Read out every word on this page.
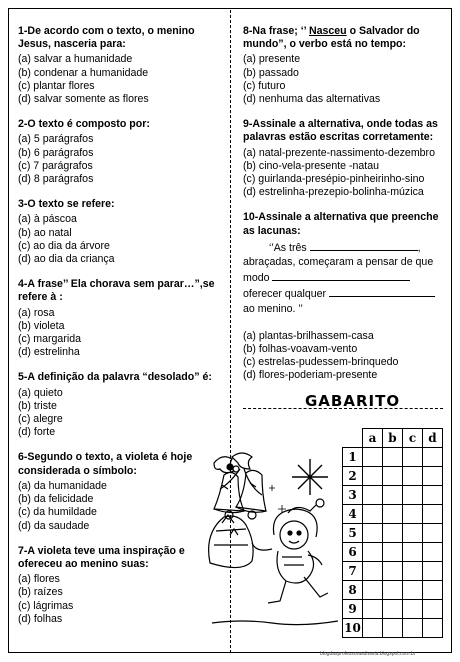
1-De acordo com o texto, o menino Jesus, nasceria para:
(a) salvar a humanidade
(b) condenar a humanidade
(c) plantar flores
(d) salvar somente as flores
2-O texto é composto por:
(a) 5 parágrafos
(b) 6 parágrafos
(c) 7 parágrafos
(d) 8 parágrafos
3-O texto se refere:
(a) à páscoa
(b) ao natal
(c) ao dia da árvore
(d) ao dia da criança
4-A frase’’ Ela chorava sem parar…”,se refere à :
(a) rosa
(b) violeta
(c) margarida
(d) estrelinha
5-A definição da palavra “desolado” é:
(a) quieto
(b) triste
(c) alegre
(d) forte
6-Segundo o texto, a violeta é hoje considerada o símbolo:
(a) da humanidade
(b) da felicidade
(c) da humildade
(d) da saudade
7-A violeta teve uma inspiração e ofereceu ao menino suas:
(a) flores
(b) raízes
(c) lágrimas
(d) folhas
8-Na frase; ‘’ Nasceu o Salvador do mundo”, o verbo está no tempo:
(a) presente
(b) passado
(c) futuro
(d) nenhuma das alternativas
9-Assinale a alternativa, onde todas as palavras estão escritas corretamente:
(a) natal-prezente-nassimento-dezembro
(b) cino-vela-presente -natau
(c) guirlanda-presépio-pinheirinho-sino
(d) estrelinha-prezepio-bolinha-múzica
10-Assinale a alternativa que preenche as lacunas:
‘’As três	,
abraçadas, começaram a pensar de que
modo
oferecer qualquer
ao menino. ’’
(a) plantas-brilhassem-casa
(b) folhas-voavam-vento
(c) estrelas-pudessem-brinquedo
(d) flores-poderiam-presente
GABARITO
	a	b	c	d
1				
2				
3				
4				
5				
6				
7				
8				
9				
10				
blogdasprofessorasdivaria.blogspot.com.br
